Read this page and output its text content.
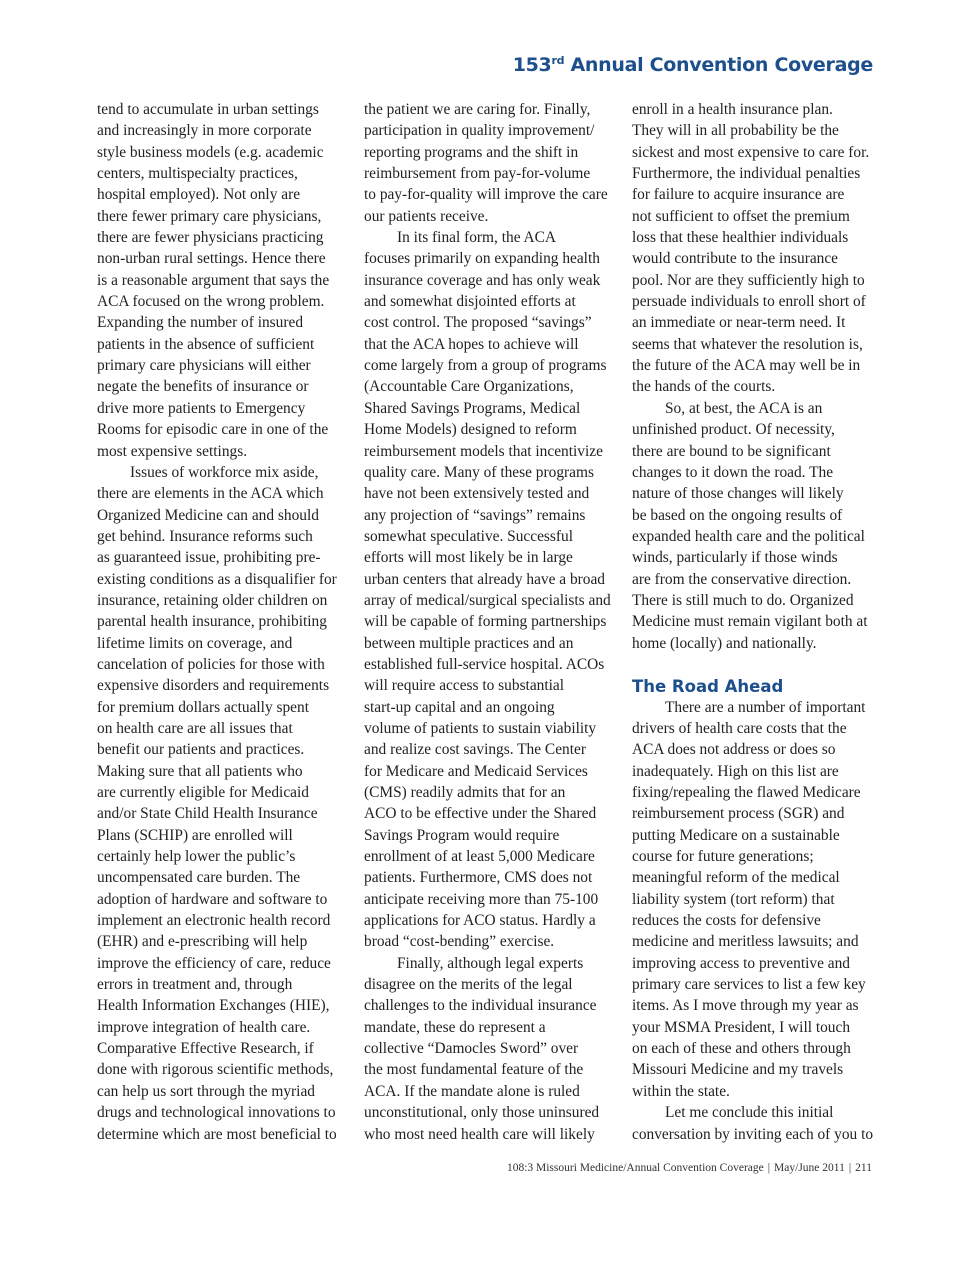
153rd Annual Convention Coverage
tend to accumulate in urban settings
and increasingly in more corporate
style business models (e.g. academic
centers, multispecialty practices,
hospital employed). Not only are
there fewer primary care physicians,
there are fewer physicians practicing
non-urban rural settings. Hence there
is a reasonable argument that says the
ACA focused on the wrong problem.
Expanding the number of insured
patients in the absence of sufficient
primary care physicians will either
negate the benefits of insurance or
drive more patients to Emergency
Rooms for episodic care in one of the
most expensive settings.
Issues of workforce mix aside,
there are elements in the ACA which
Organized Medicine can and should
get behind. Insurance reforms such
as guaranteed issue, prohibiting pre-
existing conditions as a disqualifier for
insurance, retaining older children on
parental health insurance, prohibiting
lifetime limits on coverage, and
cancelation of policies for those with
expensive disorders and requirements
for premium dollars actually spent
on health care are all issues that
benefit our patients and practices.
Making sure that all patients who
are currently eligible for Medicaid
and/or State Child Health Insurance
Plans (SCHIP) are enrolled will
certainly help lower the public’s
uncompensated care burden. The
adoption of hardware and software to
implement an electronic health record
(EHR) and e-prescribing will help
improve the efficiency of care, reduce
errors in treatment and, through
Health Information Exchanges (HIE),
improve integration of health care.
Comparative Effective Research, if
done with rigorous scientific methods,
can help us sort through the myriad
drugs and technological innovations to
determine which are most beneficial to
the patient we are caring for. Finally,
participation in quality improvement/
reporting programs and the shift in
reimbursement from pay-for-volume
to pay-for-quality will improve the care
our patients receive.
In its final form, the ACA
focuses primarily on expanding health
insurance coverage and has only weak
and somewhat disjointed efforts at
cost control. The proposed “savings”
that the ACA hopes to achieve will
come largely from a group of programs
(Accountable Care Organizations,
Shared Savings Programs, Medical
Home Models) designed to reform
reimbursement models that incentivize
quality care. Many of these programs
have not been extensively tested and
any projection of “savings” remains
somewhat speculative. Successful
efforts will most likely be in large
urban centers that already have a broad
array of medical/surgical specialists and
will be capable of forming partnerships
between multiple practices and an
established full-service hospital. ACOs
will require access to substantial
start-up capital and an ongoing
volume of patients to sustain viability
and realize cost savings. The Center
for Medicare and Medicaid Services
(CMS) readily admits that for an
ACO to be effective under the Shared
Savings Program would require
enrollment of at least 5,000 Medicare
patients. Furthermore, CMS does not
anticipate receiving more than 75-100
applications for ACO status. Hardly a
broad “cost-bending” exercise.
Finally, although legal experts
disagree on the merits of the legal
challenges to the individual insurance
mandate, these do represent a
collective “Damocles Sword” over
the most fundamental feature of the
ACA. If the mandate alone is ruled
unconstitutional, only those uninsured
who most need health care will likely
enroll in a health insurance plan.
They will in all probability be the
sickest and most expensive to care for.
Furthermore, the individual penalties
for failure to acquire insurance are
not sufficient to offset the premium
loss that these healthier individuals
would contribute to the insurance
pool. Nor are they sufficiently high to
persuade individuals to enroll short of
an immediate or near-term need. It
seems that whatever the resolution is,
the future of the ACA may well be in
the hands of the courts.
So, at best, the ACA is an
unfinished product. Of necessity,
there are bound to be significant
changes to it down the road. The
nature of those changes will likely
be based on the ongoing results of
expanded health care and the political
winds, particularly if those winds
are from the conservative direction.
There is still much to do. Organized
Medicine must remain vigilant both at
home (locally) and nationally.
The Road Ahead
There are a number of important
drivers of health care costs that the
ACA does not address or does so
inadequately. High on this list are
fixing/repealing the flawed Medicare
reimbursement process (SGR) and
putting Medicare on a sustainable
course for future generations;
meaningful reform of the medical
liability system (tort reform) that
reduces the costs for defensive
medicine and meritless lawsuits; and
improving access to preventive and
primary care services to list a few key
items. As I move through my year as
your MSMA President, I will touch
on each of these and others through
Missouri Medicine and my travels
within the state.
Let me conclude this initial
conversation by inviting each of you to
108:3 Missouri Medicine/Annual Convention Coverage | May/June 2011 | 211
